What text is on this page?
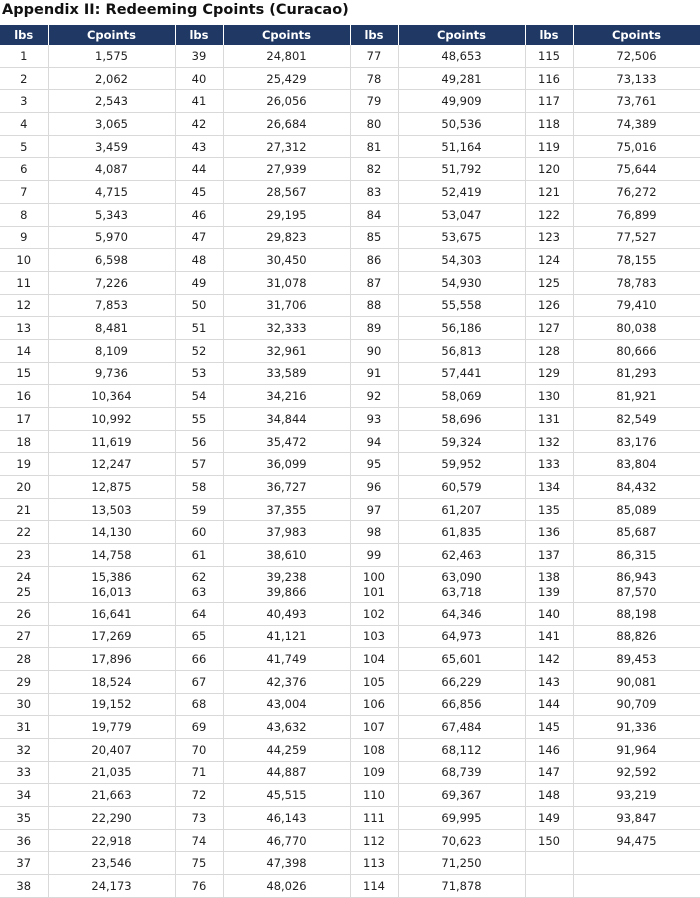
Appendix II: Redeeming Cpoints (Curacao)
lbs	Cpoints	lbs	Cpoints	lbs	Cpoints	lbs	Cpoints
1	1,575	39	24,801	77	48,653	115	72,506
2	2,062	40	25,429	78	49,281	116	73,133
3	2,543	41	26,056	79	49,909	117	73,761
4	3,065	42	26,684	80	50,536	118	74,389
5	3,459	43	27,312	81	51,164	119	75,016
6	4,087	44	27,939	82	51,792	120	75,644
7	4,715	45	28,567	83	52,419	121	76,272
8	5,343	46	29,195	84	53,047	122	76,899
9	5,970	47	29,823	85	53,675	123	77,527
10	6,598	48	30,450	86	54,303	124	78,155
11	7,226	49	31,078	87	54,930	125	78,783
12	7,853	50	31,706	88	55,558	126	79,410
13	8,481	51	32,333	89	56,186	127	80,038
14	8,109	52	32,961	90	56,813	128	80,666
15	9,736	53	33,589	91	57,441	129	81,293
16	10,364	54	34,216	92	58,069	130	81,921
17	10,992	55	34,844	93	58,696	131	82,549
18	11,619	56	35,472	94	59,324	132	83,176
19	12,247	57	36,099	95	59,952	133	83,804
20	12,875	58	36,727	96	60,579	134	84,432
21	13,503	59	37,355	97	61,207	135	85,089
22	14,130	60	37,983	98	61,835	136	85,687
23	14,758	61	38,610	99	62,463	137	86,315
24	15,386	62	39,238	100	63,090	138	86,943
25	16,013	63	39,866	101	63,718	139	87,570
26	16,641	64	40,493	102	64,346	140	88,198
27	17,269	65	41,121	103	64,973	141	88,826
28	17,896	66	41,749	104	65,601	142	89,453
29	18,524	67	42,376	105	66,229	143	90,081
30	19,152	68	43,004	106	66,856	144	90,709
31	19,779	69	43,632	107	67,484	145	91,336
32	20,407	70	44,259	108	68,112	146	91,964
33	21,035	71	44,887	109	68,739	147	92,592
34	21,663	72	45,515	110	69,367	148	93,219
35	22,290	73	46,143	111	69,995	149	93,847
36	22,918	74	46,770	112	70,623	150	94,475
37	23,546	75	47,398	113	71,250		
38	24,173	76	48,026	114	71,878		
